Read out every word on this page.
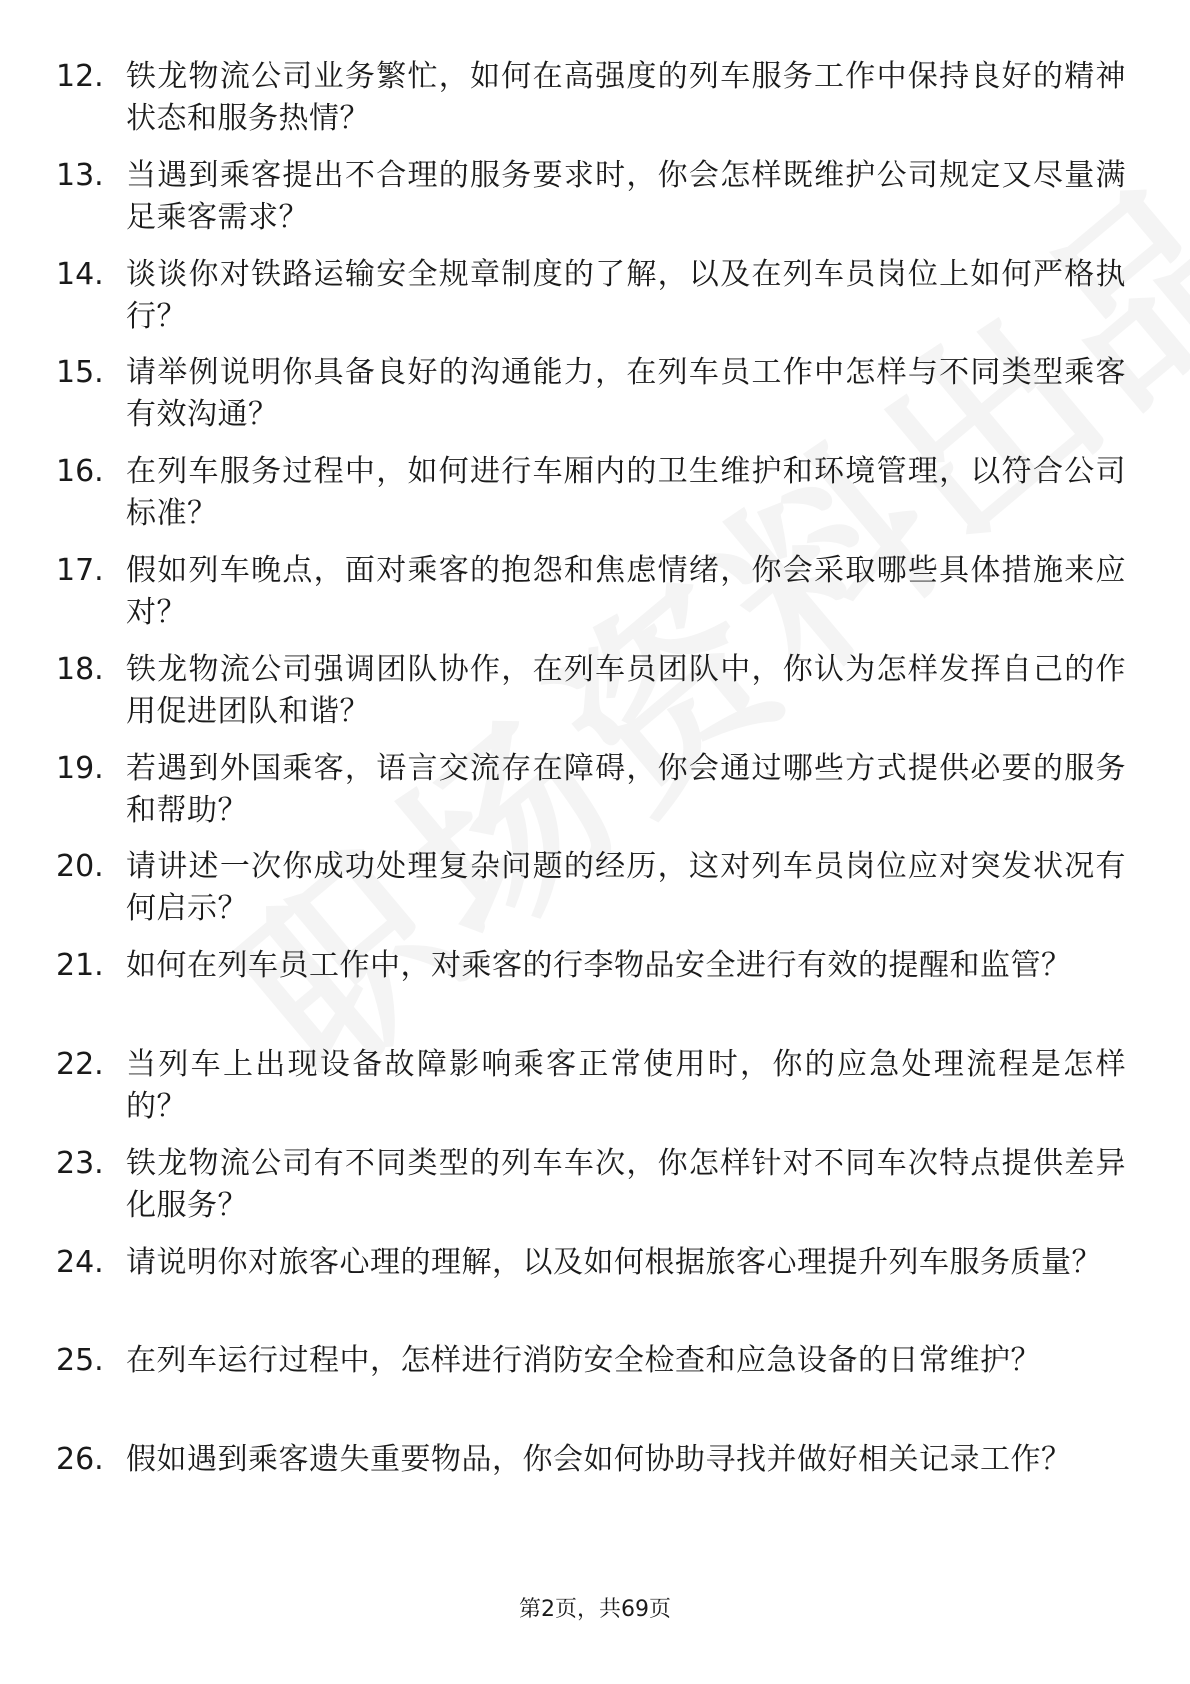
12. 铁龙物流公司业务繁忙，如何在高强度的列车服务工作中保持良好的精神状态和服务热情？
13. 当遇到乘客提出不合理的服务要求时，你会怎样既维护公司规定又尽量满足乘客需求？
14. 谈谈你对铁路运输安全规章制度的了解，以及在列车员岗位上如何严格执行？
15. 请举例说明你具备良好的沟通能力，在列车员工作中怎样与不同类型乘客有效沟通？
16. 在列车服务过程中，如何进行车厢内的卫生维护和环境管理，以符合公司标准？
17. 假如列车晚点，面对乘客的抱怨和焦虑情绪，你会采取哪些具体措施来应对？
18. 铁龙物流公司强调团队协作，在列车员团队中，你认为怎样发挥自己的作用促进团队和谐？
19. 若遇到外国乘客，语言交流存在障碍，你会通过哪些方式提供必要的服务和帮助？
20. 请讲述一次你成功处理复杂问题的经历，这对列车员岗位应对突发状况有何启示？
21. 如何在列车员工作中，对乘客的行李物品安全进行有效的提醒和监管？
22. 当列车上出现设备故障影响乘客正常使用时，你的应急处理流程是怎样的？
23. 铁龙物流公司有不同类型的列车车次，你怎样针对不同车次特点提供差异化服务？
24. 请说明你对旅客心理的理解，以及如何根据旅客心理提升列车服务质量？
25. 在列车运行过程中，怎样进行消防安全检查和应急设备的日常维护？
26. 假如遇到乘客遗失重要物品，你会如何协助寻找并做好相关记录工作？
第2页，共69页
